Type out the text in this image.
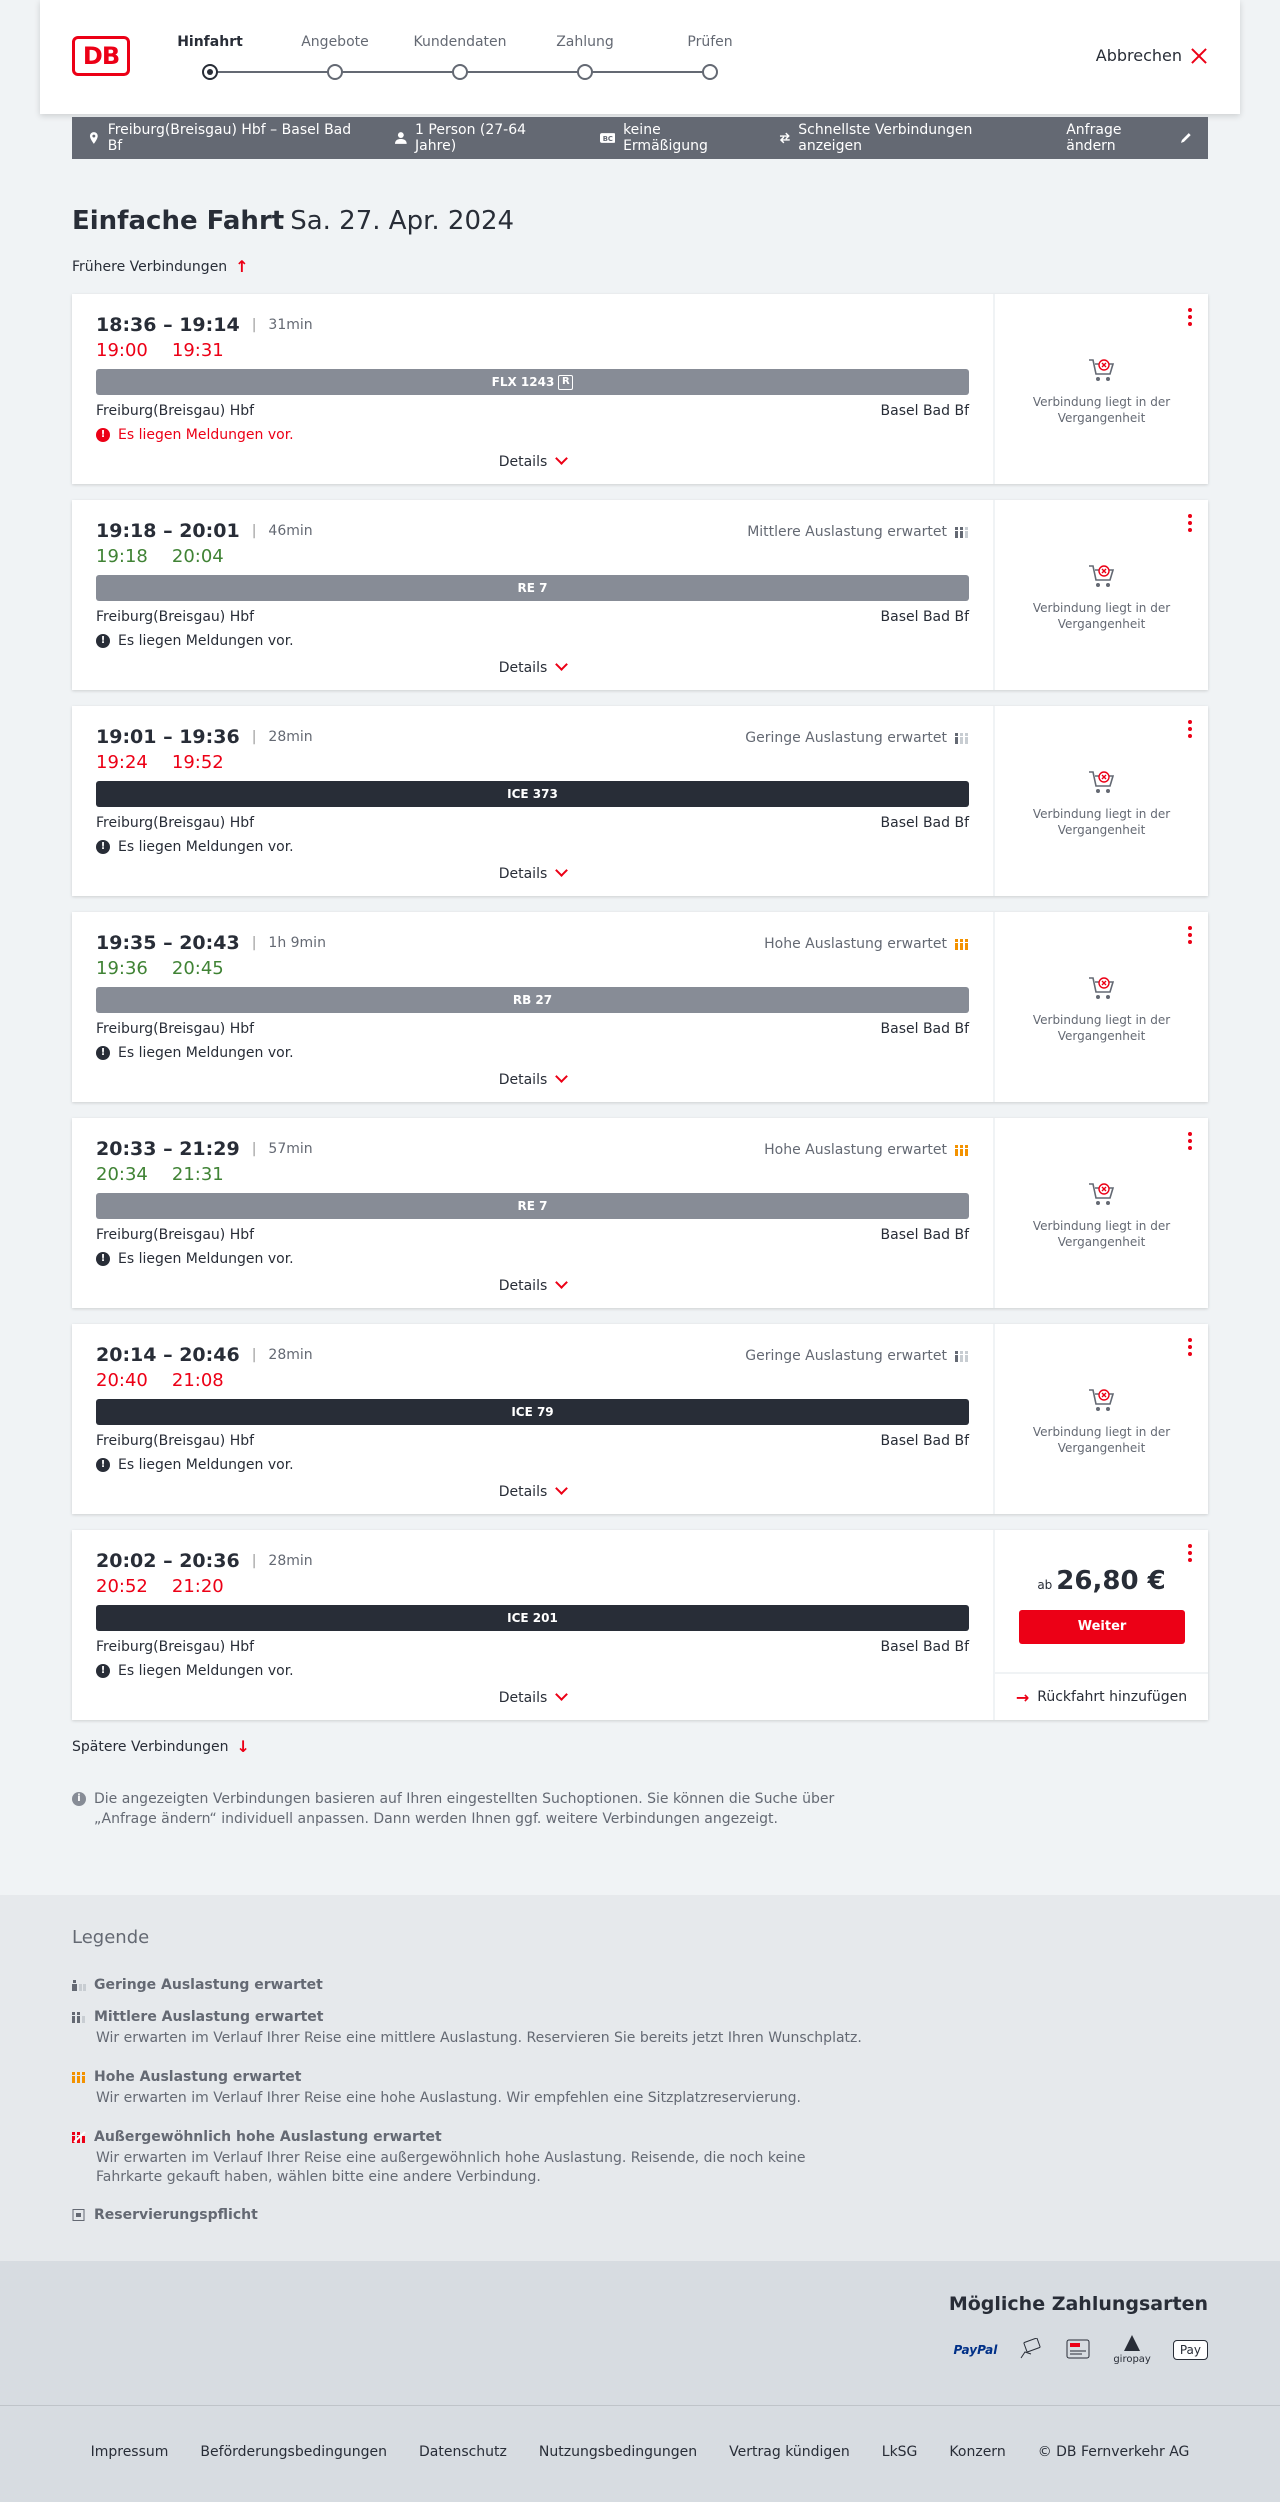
DB	Hinfahrt	Angebote	Kundendaten	Zahlung	Prüfen
Abbrechen
Freiburg(Breisgau) Hbf – Basel Bad Bf
1 Person (27-64 Jahre)	BC
keine Ermäßigung
Schnellste Verbindungen anzeigen
Anfrage ändern
Einfache Fahrt Sa. 27. Apr. 2024
Frühere Verbindungen ↑
18:36 – 19:14 | 31min
19:00 19:31
FLX 1243 R
Freiburg(Breisgau) Hbf	Basel Bad Bf
! Es liegen Meldungen vor.
Details
Verbindung liegt in der Vergangenheit
19:18 – 20:01 | 46min	Mittlere Auslastung erwartet
19:18 20:04
RE 7
Freiburg(Breisgau) Hbf	Basel Bad Bf
! Es liegen Meldungen vor.
Details
Verbindung liegt in der Vergangenheit
19:01 – 19:36 | 28min	Geringe Auslastung erwartet
19:24 19:52
ICE 373
Freiburg(Breisgau) Hbf	Basel Bad Bf
! Es liegen Meldungen vor.
Details
Verbindung liegt in der Vergangenheit
19:35 – 20:43 | 1h 9min	Hohe Auslastung erwartet
19:36 20:45
RB 27
Freiburg(Breisgau) Hbf	Basel Bad Bf
! Es liegen Meldungen vor.
Details
Verbindung liegt in der Vergangenheit
20:33 – 21:29 | 57min	Hohe Auslastung erwartet
20:34 21:31
RE 7
Freiburg(Breisgau) Hbf	Basel Bad Bf
! Es liegen Meldungen vor.
Details
Verbindung liegt in der Vergangenheit
20:14 – 20:46 | 28min	Geringe Auslastung erwartet
20:40 21:08
ICE 79
Freiburg(Breisgau) Hbf	Basel Bad Bf
! Es liegen Meldungen vor.
Details
Verbindung liegt in der Vergangenheit
20:02 – 20:36 | 28min
20:52 21:20
ICE 201
Freiburg(Breisgau) Hbf	Basel Bad Bf
! Es liegen Meldungen vor.
Details
ab 26,80 €
Weiter
→ Rückfahrt hinzufügen
Spätere Verbindungen ↓
i Die angezeigten Verbindungen basieren auf Ihren eingestellten Suchoptionen. Sie können die Suche über „Anfrage ändern“ individuell anpassen. Dann werden Ihnen ggf. weitere Verbindungen angezeigt.
Legende
Geringe Auslastung erwartet
Mittlere Auslastung erwartet
Wir erwarten im Verlauf Ihrer Reise eine mittlere Auslastung. Reservieren Sie bereits jetzt Ihren Wunschplatz.
Hohe Auslastung erwartet
Wir erwarten im Verlauf Ihrer Reise eine hohe Auslastung. Wir empfehlen eine Sitzplatzreservierung.
Außergewöhnlich hohe Auslastung erwartet
Wir erwarten im Verlauf Ihrer Reise eine außergewöhnlich hohe Auslastung. Reisende, die noch keine Fahrkarte gekauft haben, wählen bitte eine andere Verbindung.
Reservierungspflicht
Mögliche Zahlungsarten
PayPal
giropay
Pay
Impressum Beförderungsbedingungen Datenschutz Nutzungsbedingungen Vertrag kündigen LkSG Konzern © DB Fernverkehr AG
